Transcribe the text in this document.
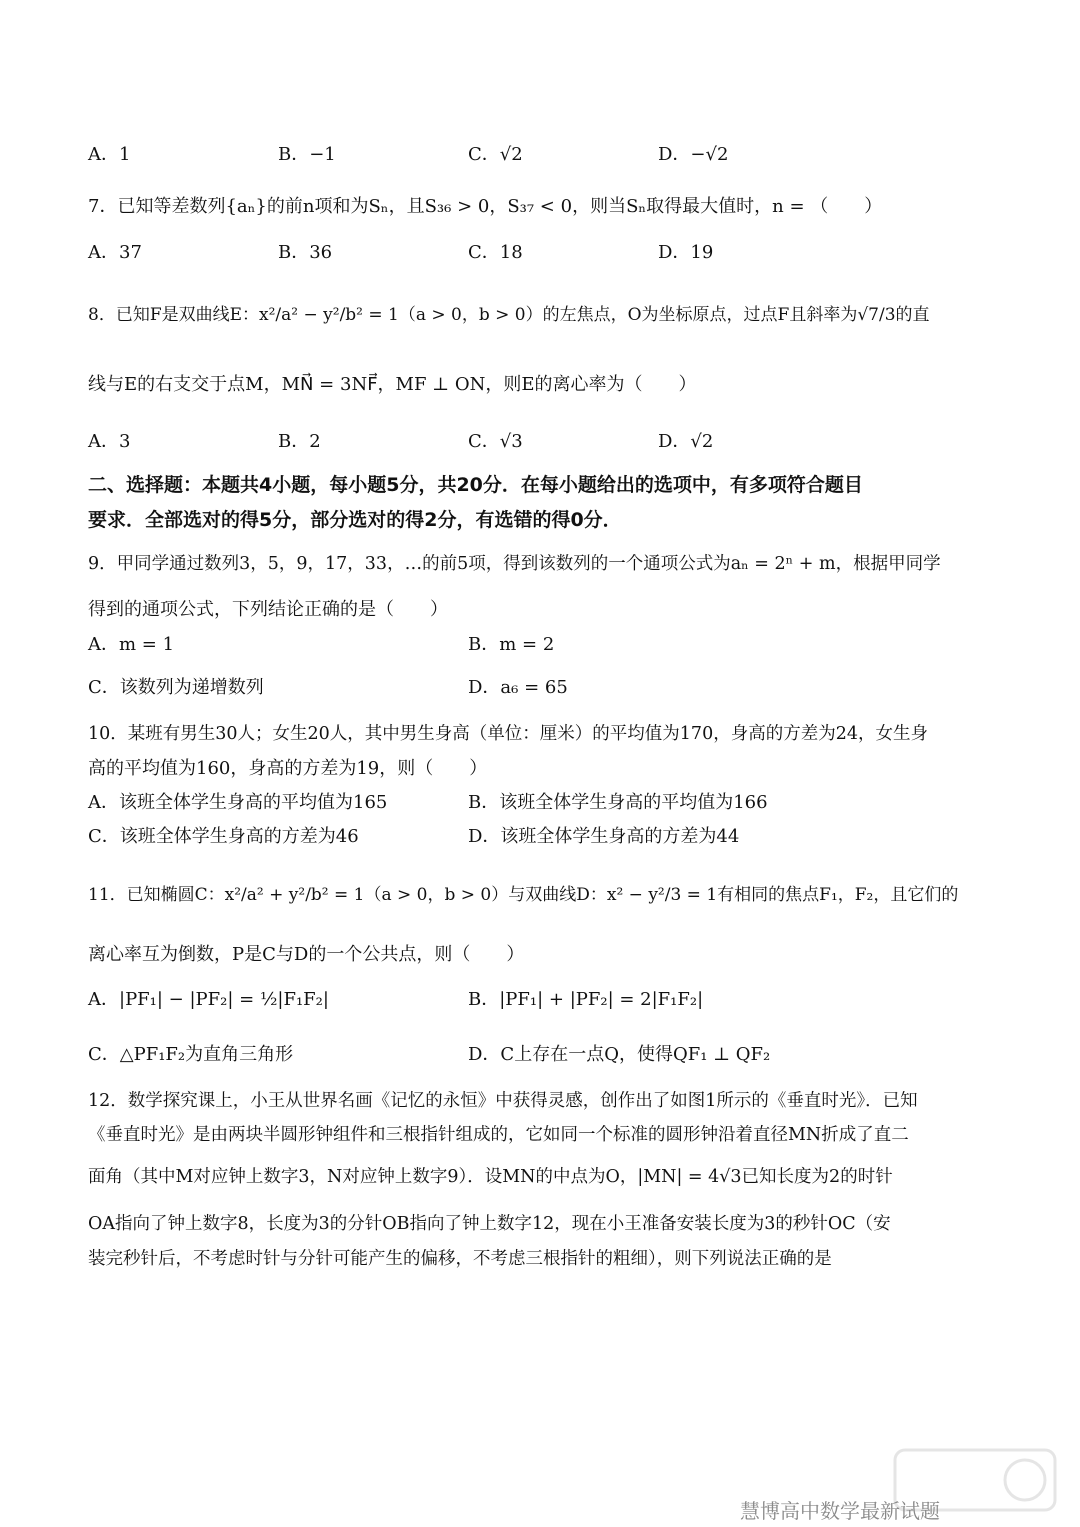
A．1	B．−1	C．√2	D．−√2
7．已知等差数列{aₙ}的前n项和为Sₙ，且S₃₆ > 0，S₃₇ < 0，则当Sₙ取得最大值时，n = （　　）
A．37	B．36	C．18	D．19
8．已知F是双曲线E：x²/a² − y²/b² = 1（a > 0，b > 0）的左焦点，O为坐标原点，过点F且斜率为√7/3的直
线与E的右支交于点M，MN⃗ = 3NF⃗，MF ⊥ ON，则E的离心率为（　　）
A．3	B．2	C．√3	D．√2
二、选择题：本题共4小题，每小题5分，共20分．在每小题给出的选项中，有多项符合题目
要求．全部选对的得5分，部分选对的得2分，有选错的得0分．
9．甲同学通过数列3，5，9，17，33，…的前5项，得到该数列的一个通项公式为aₙ = 2ⁿ + m，根据甲同学
得到的通项公式，下列结论正确的是（　　）
A．m = 1	B．m = 2
C．该数列为递增数列	D．a₆ = 65
10．某班有男生30人；女生20人，其中男生身高（单位：厘米）的平均值为170，身高的方差为24，女生身
高的平均值为160，身高的方差为19，则（　　）
A．该班全体学生身高的平均值为165	B．该班全体学生身高的平均值为166
C．该班全体学生身高的方差为46	D．该班全体学生身高的方差为44
11．已知椭圆C：x²/a² + y²/b² = 1（a > 0，b > 0）与双曲线D：x² − y²/3 = 1有相同的焦点F₁，F₂，且它们的
离心率互为倒数，P是C与D的一个公共点，则（　　）
A．|PF₁| − |PF₂| = ½|F₁F₂|	B．|PF₁| + |PF₂| = 2|F₁F₂|
C．△PF₁F₂为直角三角形	D．C上存在一点Q，使得QF₁ ⊥ QF₂
12．数学探究课上，小王从世界名画《记忆的永恒》中获得灵感，创作出了如图1所示的《垂直时光》．已知
《垂直时光》是由两块半圆形钟组件和三根指针组成的，它如同一个标准的圆形钟沿着直径MN折成了直二
面角（其中M对应钟上数字3，N对应钟上数字9）．设MN的中点为O，|MN| = 4√3已知长度为2的时针
OA指向了钟上数字8，长度为3的分针OB指向了钟上数字12，现在小王准备安装长度为3的秒针OC（安
装完秒针后，不考虑时针与分针可能产生的偏移，不考虑三根指针的粗细），则下列说法正确的是
慧博高中数学最新试题
